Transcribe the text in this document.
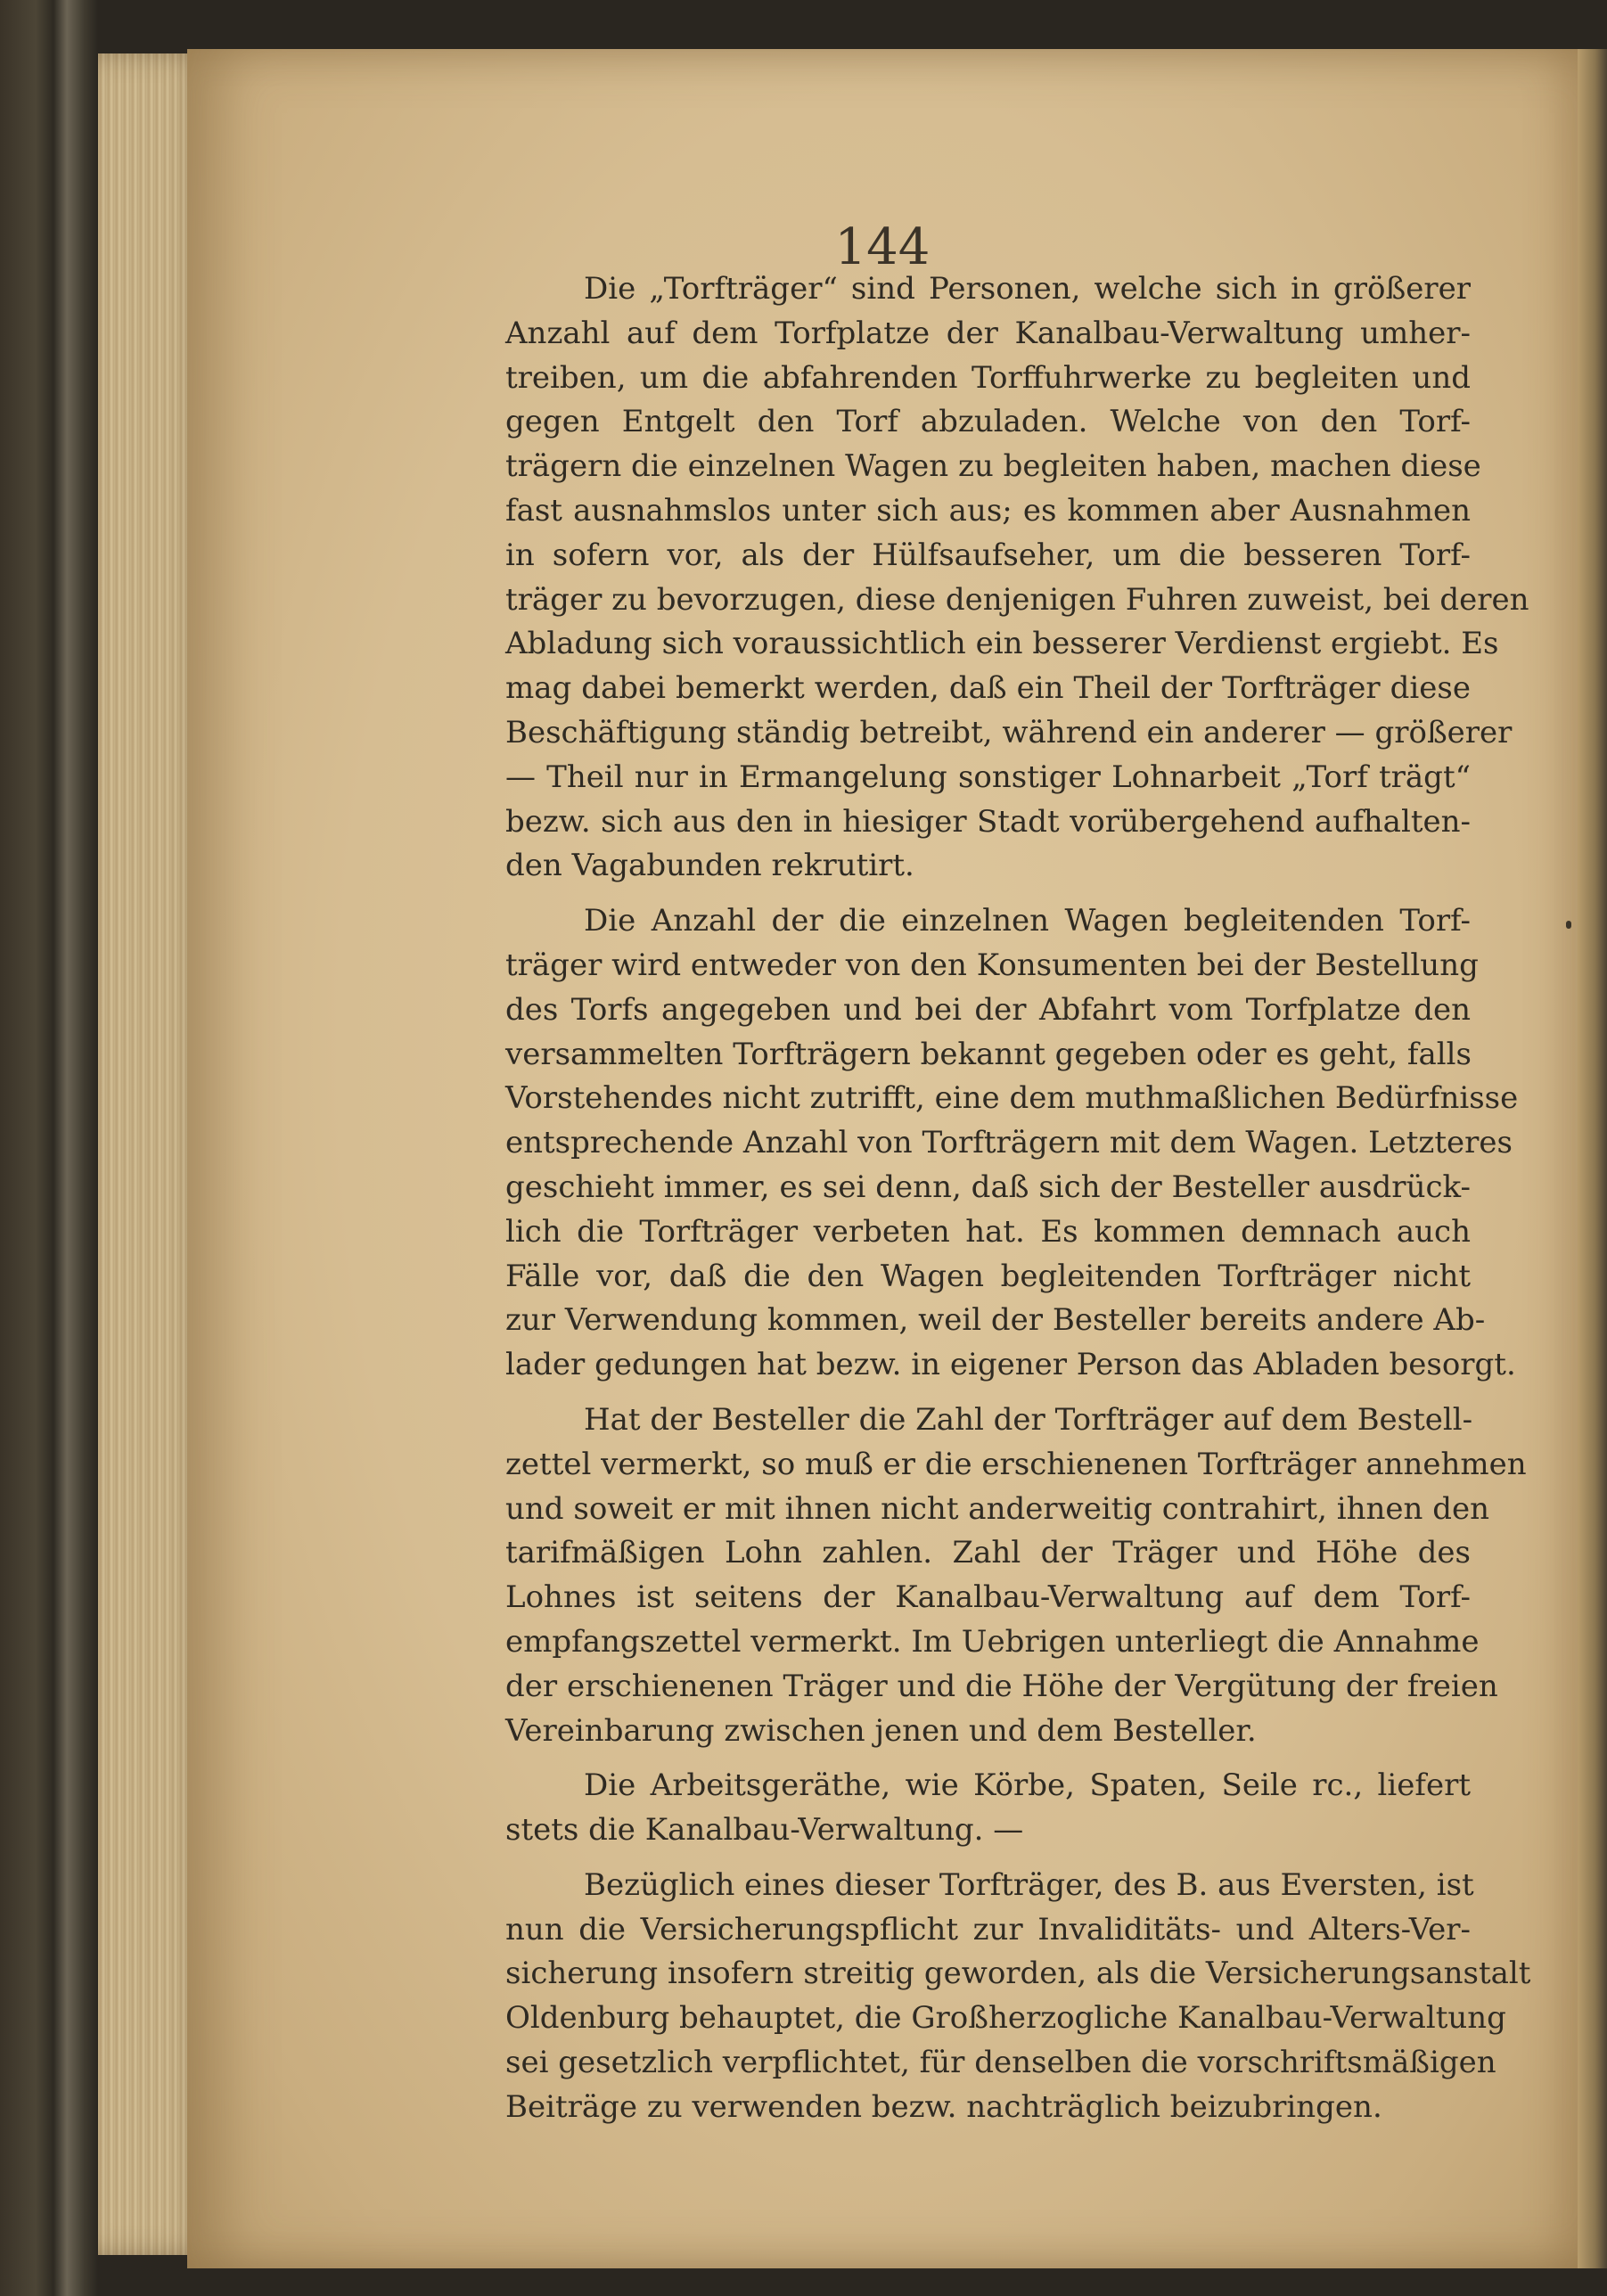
144

Die „Torfträger“ sind Personen, welche sich in größerer
Anzahl auf dem Torfplatze der Kanalbau-Verwaltung umher-
treiben, um die abfahrenden Torffuhrwerke zu begleiten und
gegen Entgelt den Torf abzuladen. Welche von den Torf-
trägern die einzelnen Wagen zu begleiten haben, machen diese
fast ausnahmslos unter sich aus; es kommen aber Ausnahmen
in sofern vor, als der Hülfsaufseher, um die besseren Torf-
träger zu bevorzugen, diese denjenigen Fuhren zuweist, bei deren
Abladung sich voraussichtlich ein besserer Verdienst ergiebt. Es
mag dabei bemerkt werden, daß ein Theil der Torfträger diese
Beschäftigung ständig betreibt, während ein anderer — größerer
— Theil nur in Ermangelung sonstiger Lohnarbeit „Torf trägt“
bezw. sich aus den in hiesiger Stadt vorübergehend aufhalten-
den Vagabunden rekrutirt.

Die Anzahl der die einzelnen Wagen begleitenden Torf-
träger wird entweder von den Konsumenten bei der Bestellung
des Torfs angegeben und bei der Abfahrt vom Torfplatze den
versammelten Torfträgern bekannt gegeben oder es geht, falls
Vorstehendes nicht zutrifft, eine dem muthmaßlichen Bedürfnisse
entsprechende Anzahl von Torfträgern mit dem Wagen. Letzteres
geschieht immer, es sei denn, daß sich der Besteller ausdrück-
lich die Torfträger verbeten hat. Es kommen demnach auch
Fälle vor, daß die den Wagen begleitenden Torfträger nicht
zur Verwendung kommen, weil der Besteller bereits andere Ab-
lader gedungen hat bezw. in eigener Person das Abladen besorgt.

Hat der Besteller die Zahl der Torfträger auf dem Bestell-
zettel vermerkt, so muß er die erschienenen Torfträger annehmen
und soweit er mit ihnen nicht anderweitig contrahirt, ihnen den
tarifmäßigen Lohn zahlen. Zahl der Träger und Höhe des
Lohnes ist seitens der Kanalbau-Verwaltung auf dem Torf-
empfangszettel vermerkt. Im Uebrigen unterliegt die Annahme
der erschienenen Träger und die Höhe der Vergütung der freien
Vereinbarung zwischen jenen und dem Besteller.

Die Arbeitsgeräthe, wie Körbe, Spaten, Seile rc., liefert
stets die Kanalbau-Verwaltung. —

Bezüglich eines dieser Torfträger, des B. aus Eversten, ist
nun die Versicherungspflicht zur Invaliditäts- und Alters-Ver-
sicherung insofern streitig geworden, als die Versicherungsanstalt
Oldenburg behauptet, die Großherzogliche Kanalbau-Verwaltung
sei gesetzlich verpflichtet, für denselben die vorschriftsmäßigen
Beiträge zu verwenden bezw. nachträglich beizubringen.
